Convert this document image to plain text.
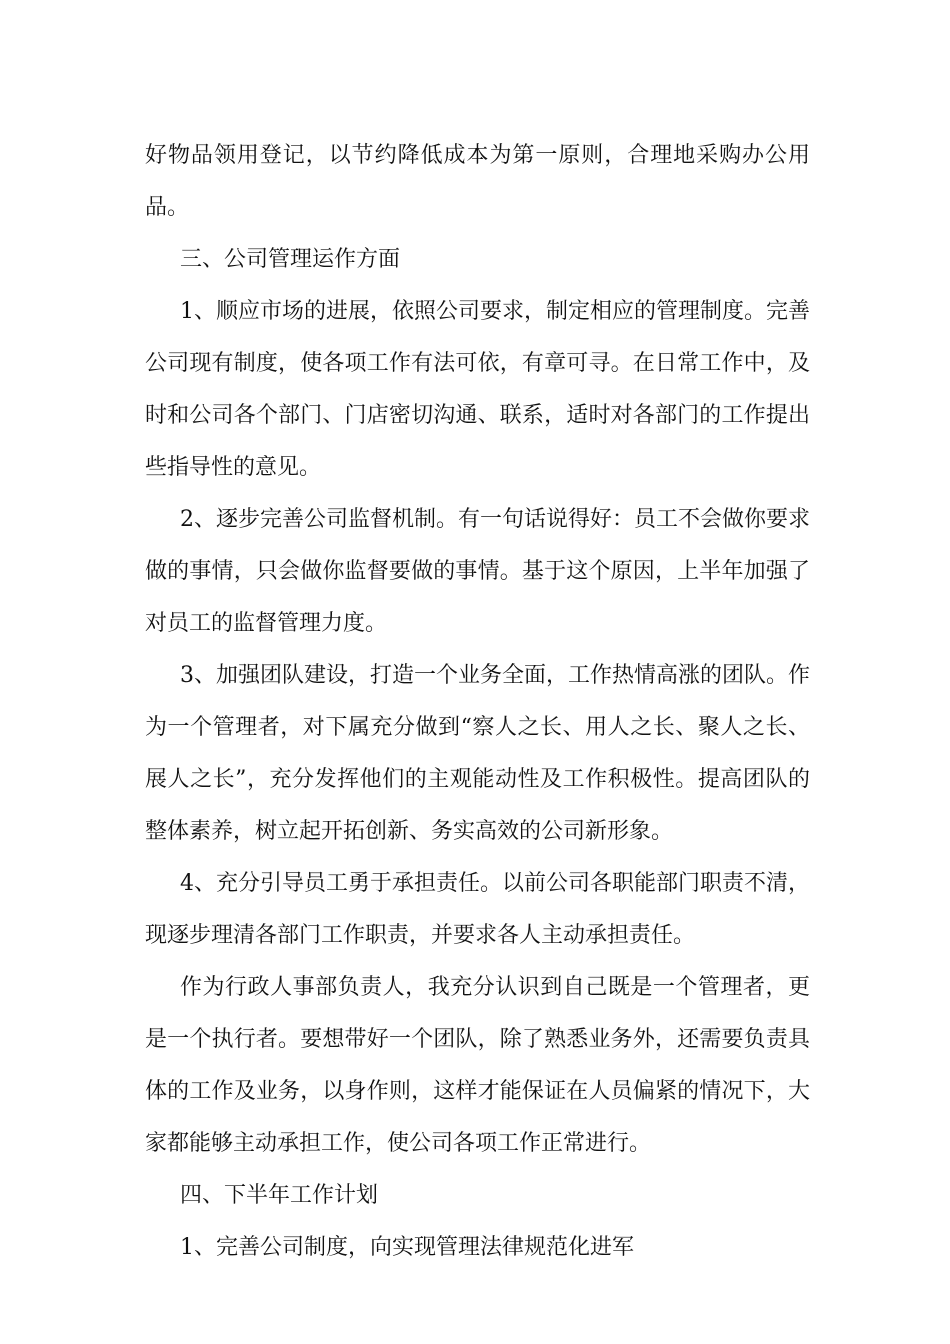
好物品领用登记，以节约降低成本为第一原则，合理地采购办公用品。

三、公司管理运作方面

1、顺应市场的进展，依照公司要求，制定相应的管理制度。完善公司现有制度，使各项工作有法可依，有章可寻。在日常工作中，及时和公司各个部门、门店密切沟通、联系，适时对各部门的工作提出些指导性的意见。

2、逐步完善公司监督机制。有一句话说得好：员工不会做你要求做的事情，只会做你监督要做的事情。基于这个原因，上半年加强了对员工的监督管理力度。

3、加强团队建设，打造一个业务全面，工作热情高涨的团队。作为一个管理者，对下属充分做到“察人之长、用人之长、聚人之长、展人之长”，充分发挥他们的主观能动性及工作积极性。提高团队的整体素养，树立起开拓创新、务实高效的公司新形象。

4、充分引导员工勇于承担责任。以前公司各职能部门职责不清，现逐步理清各部门工作职责，并要求各人主动承担责任。

作为行政人事部负责人，我充分认识到自己既是一个管理者，更是一个执行者。要想带好一个团队，除了熟悉业务外，还需要负责具体的工作及业务，以身作则，这样才能保证在人员偏紧的情况下，大家都能够主动承担工作，使公司各项工作正常进行。

四、下半年工作计划

1、完善公司制度，向实现管理法律规范化进军
